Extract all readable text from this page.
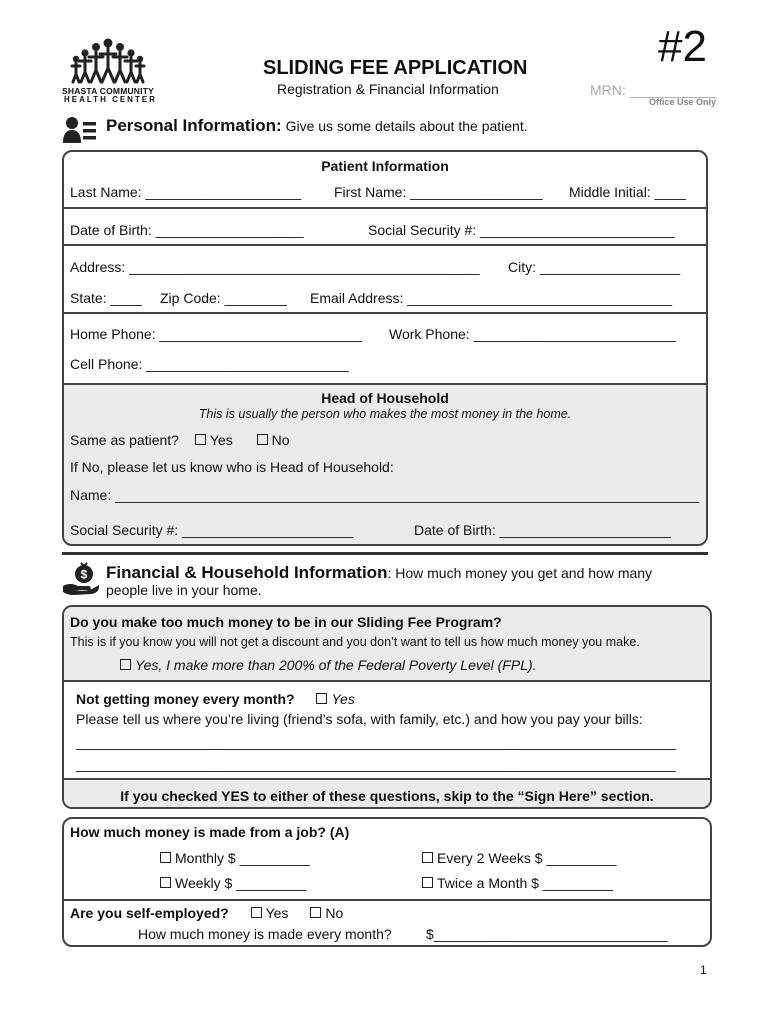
SHASTA COMMUNITY
HEALTH CENTER
SLIDING FEE APPLICATION
Registration & Financial Information
#2
MRN: ___________
Office Use Only
Personal Information: Give us some details about the patient.
Patient Information
Last Name: ____________________ First Name: _________________ Middle Initial: ____
Date of Birth: ___________________	Social Security #: _________________________
Address: _____________________________________________ City: __________________
State: ____ Zip Code: ________ Email Address: __________________________________
Home Phone: __________________________ Work Phone: __________________________
Cell Phone: __________________________
Head of Household
This is usually the person who makes the most money in the home.
Same as patient? Yes	No
If No, please let us know who is Head of Household:
Name: ___________________________________________________________________________
Social Security #: ______________________	Date of Birth: ______________________
$ Financial & Household Information: How much money you get and how many
people live in your home.
Do you make too much money to be in our Sliding Fee Program?
This is if you know you will not get a discount and you don’t want to tell us how much money you make.
Yes, I make more than 200% of the Federal Poverty Level (FPL).
Not getting money every month?	Yes
Please tell us where you’re living (friend’s sofa, with family, etc.) and how you pay your bills:
_____________________________________________________________________________
_____________________________________________________________________________
If you checked YES to either of these questions, skip to the “Sign Here” section.
How much money is made from a job? (A)
Monthly $ _________	Every 2 Weeks $ _________
Weekly $ _________	Twice a Month $ _________
Are you self-employed?	Yes	No
How much money is made every month? $______________________________
1
